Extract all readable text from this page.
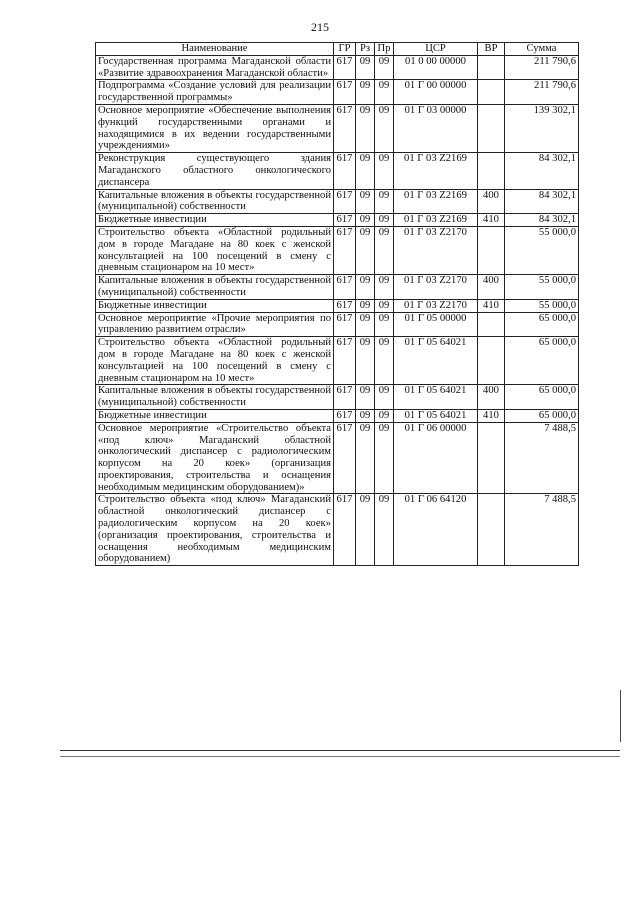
215
Наименование	ГР	Рз	Пр	ЦСР	ВР	Сумма
Государственная программа Магаданской области «Развитие здравоохранения Магаданской области»	617	09	09	01 0 00 00000		211 790,6
Подпрограмма «Создание условий для реализации государственной программы»	617	09	09	01 Г 00 00000		211 790,6
Основное мероприятие «Обеспечение выполнения функций государственными органами и находящимися в их ведении государственными учреждениями»	617	09	09	01 Г 03 00000		139 302,1
Реконструкция существующего здания Магаданского областного онкологического диспансера	617	09	09	01 Г 03 Z2169		84 302,1
Капитальные вложения в объекты государственной (муниципальной) собственности	617	09	09	01 Г 03 Z2169	400	84 302,1
Бюджетные инвестиции	617	09	09	01 Г 03 Z2169	410	84 302,1
Строительство объекта «Областной родильный дом в городе Магадане на 80 коек с женской консультацией на 100 посещений в смену с дневным стационаром на 10 мест»	617	09	09	01 Г 03 Z2170		55 000,0
Капитальные вложения в объекты государственной (муниципальной) собственности	617	09	09	01 Г 03 Z2170	400	55 000,0
Бюджетные инвестиции	617	09	09	01 Г 03 Z2170	410	55 000,0
Основное мероприятие «Прочие мероприятия по управлению развитием отрасли»	617	09	09	01 Г 05 00000		65 000,0
Строительство объекта «Областной родильный дом в городе Магадане на 80 коек с женской консультацией на 100 посещений в смену с дневным стационаром на 10 мест»	617	09	09	01 Г 05 64021		65 000,0
Капитальные вложения в объекты государственной (муниципальной) собственности	617	09	09	01 Г 05 64021	400	65 000,0
Бюджетные инвестиции	617	09	09	01 Г 05 64021	410	65 000,0
Основное мероприятие «Строительство объекта «под ключ» Магаданский областной онкологический диспансер с радиологическим корпусом на 20 коек» (организация проектирования, строительства и оснащения необходимым медицинским оборудованием)»	617	09	09	01 Г 06 00000		7 488,5
Строительство объекта «под ключ» Магаданский областной онкологический диспансер с радиологическим корпусом на 20 коек» (организация проектирования, строительства и оснащения необходимым медицинским оборудованием)	617	09	09	01 Г 06 64120		7 488,5
